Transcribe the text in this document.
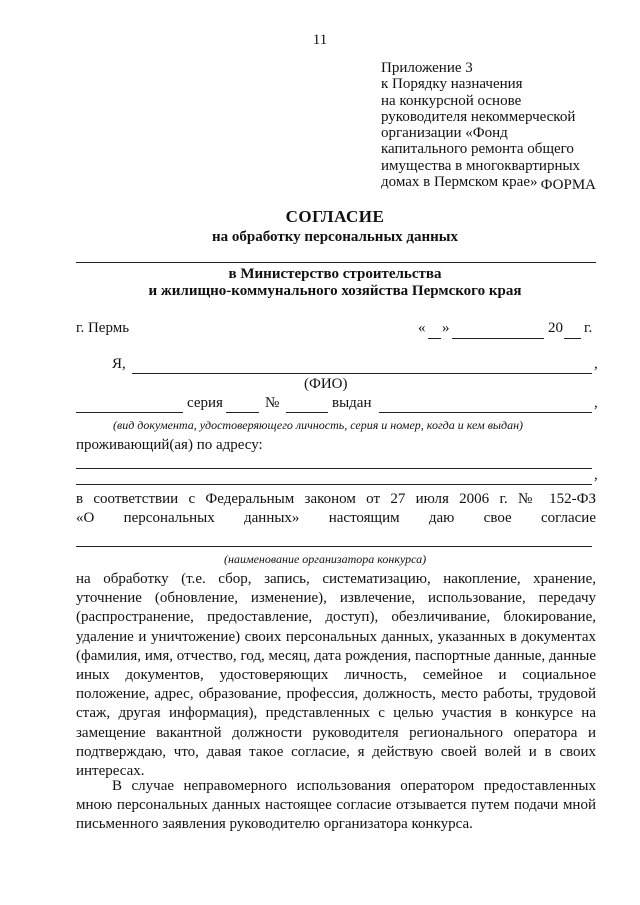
11
Приложение 3
к Порядку назначения
на конкурсной основе
руководителя некоммерческой
организации «Фонд
капитального ремонта общего
имущества в многоквартирных
домах в Пермском крае» ФОРМА
СОГЛАСИЕ
на обработку персональных данных
в Министерство строительства
и жилищно-коммунального хозяйства Пермского края
г. Пермь	« »	20 г.
Я,	,
(ФИО)
серия	№	выдан	,
(вид документа, удостоверяющего личность, серия и номер, когда и кем выдан)
проживающий(ая) по адресу:
,
в соответствии с Федеральным законом от 27 июля 2006 г. № 152-ФЗ
«О персональных данных» настоящим даю свое согласие
(наименование организатора конкурса)
на обработку (т.е. сбор, запись, систематизацию, накопление, хранение, уточнение (обновление, изменение), извлечение, использование, передачу (распространение, предоставление, доступ), обезличивание, блокирование, удаление и уничтожение) своих персональных данных, указанных в документах (фамилия, имя, отчество, год, месяц, дата рождения, паспортные данные, данные иных документов, удостоверяющих личность, семейное и социальное положение, адрес, образование, профессия, должность, место работы, трудовой стаж, другая информация), представленных с целью участия в конкурсе на замещение вакантной должности руководителя регионального оператора и подтверждаю, что, давая такое согласие, я действую своей волей и в своих интересах.
В случае неправомерного использования оператором предоставленных мною персональных данных настоящее согласие отзывается путем подачи мной письменного заявления руководителю организатора конкурса.
